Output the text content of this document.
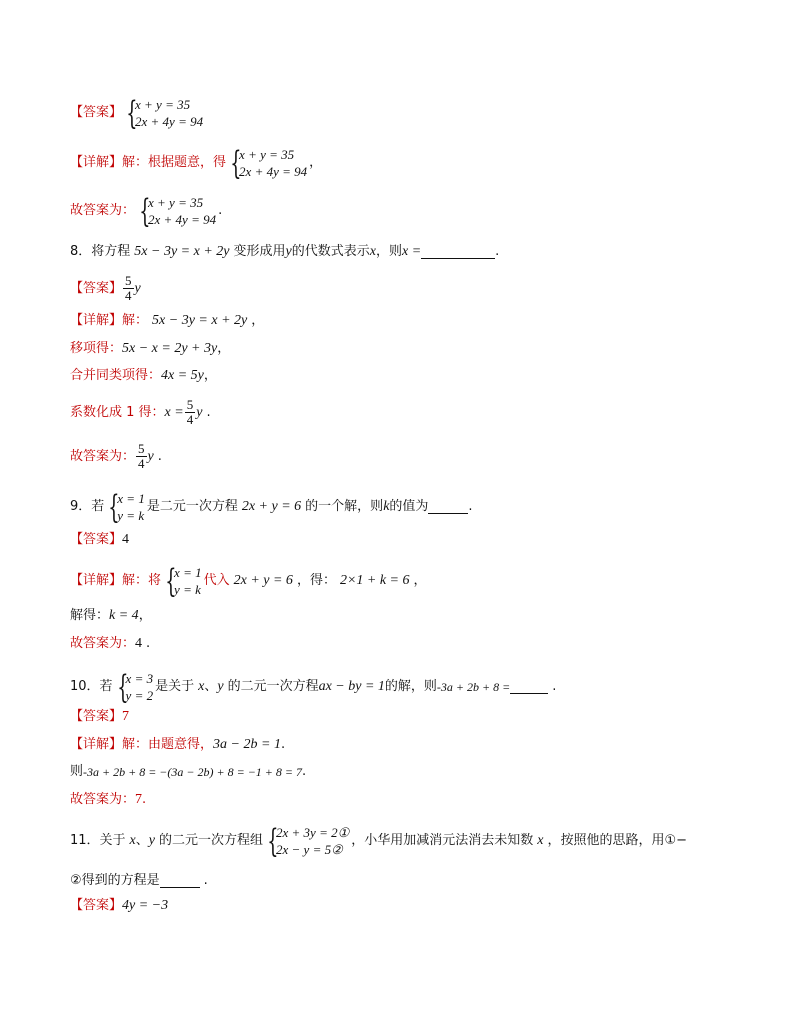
【答案】 {
x + y = 35
2x + 4y = 94
【详解】 解： 根据题意，得 {
x + y = 35
2x + 4y = 94
，
故答案为： {
x + y = 35
2x + 4y = 94
.
8． 将方程 5x − 3y = x + 2y 变形成用 y 的代数式表示 x ，则 x =	.
【答案】 $\frac{5}{4}$ y
【详解】 解： 5x − 3y = x + 2y ，
移项得： 5x − x = 2y + 3y ，
合并同类项得： 4x = 5y ，
系数化成 1 得： $x = \frac{5}{4}$ y .
故答案为： $\frac{5}{4}$ y .
9．若 {
x = 1
y = k
是二元一次方程 2x + y = 6 的一个解，则 k 的值为	.
【答案】 4
【详解】 解： 将 {
x = 1
y = k
代入 2x + y = 6 ，得： 2×1 + k = 6 ，
解得： k = 4 ，
故答案为： 4 .
10．若 {
x = 3
y = 2
是关于 x 、 y 的二元一次方程 ax − by = 1 的解，则 -3a + 2b + 8 =	.
【答案】 7
【详解】 解： 由题意得， 3a − 2b = 1 .
则 -3a + 2b + 8 = −(3a − 2b) + 8 = −1 + 8 = 7 .
故答案为： 7 .
11．关于 x 、 y 的二元一次方程组 {
2x + 3y = 2①
2x − y = 5②
，小华用加减消元法消去未知数 x ，按照他的思路，用①−
②得到的方程是	.
【答案】 4y = −3
